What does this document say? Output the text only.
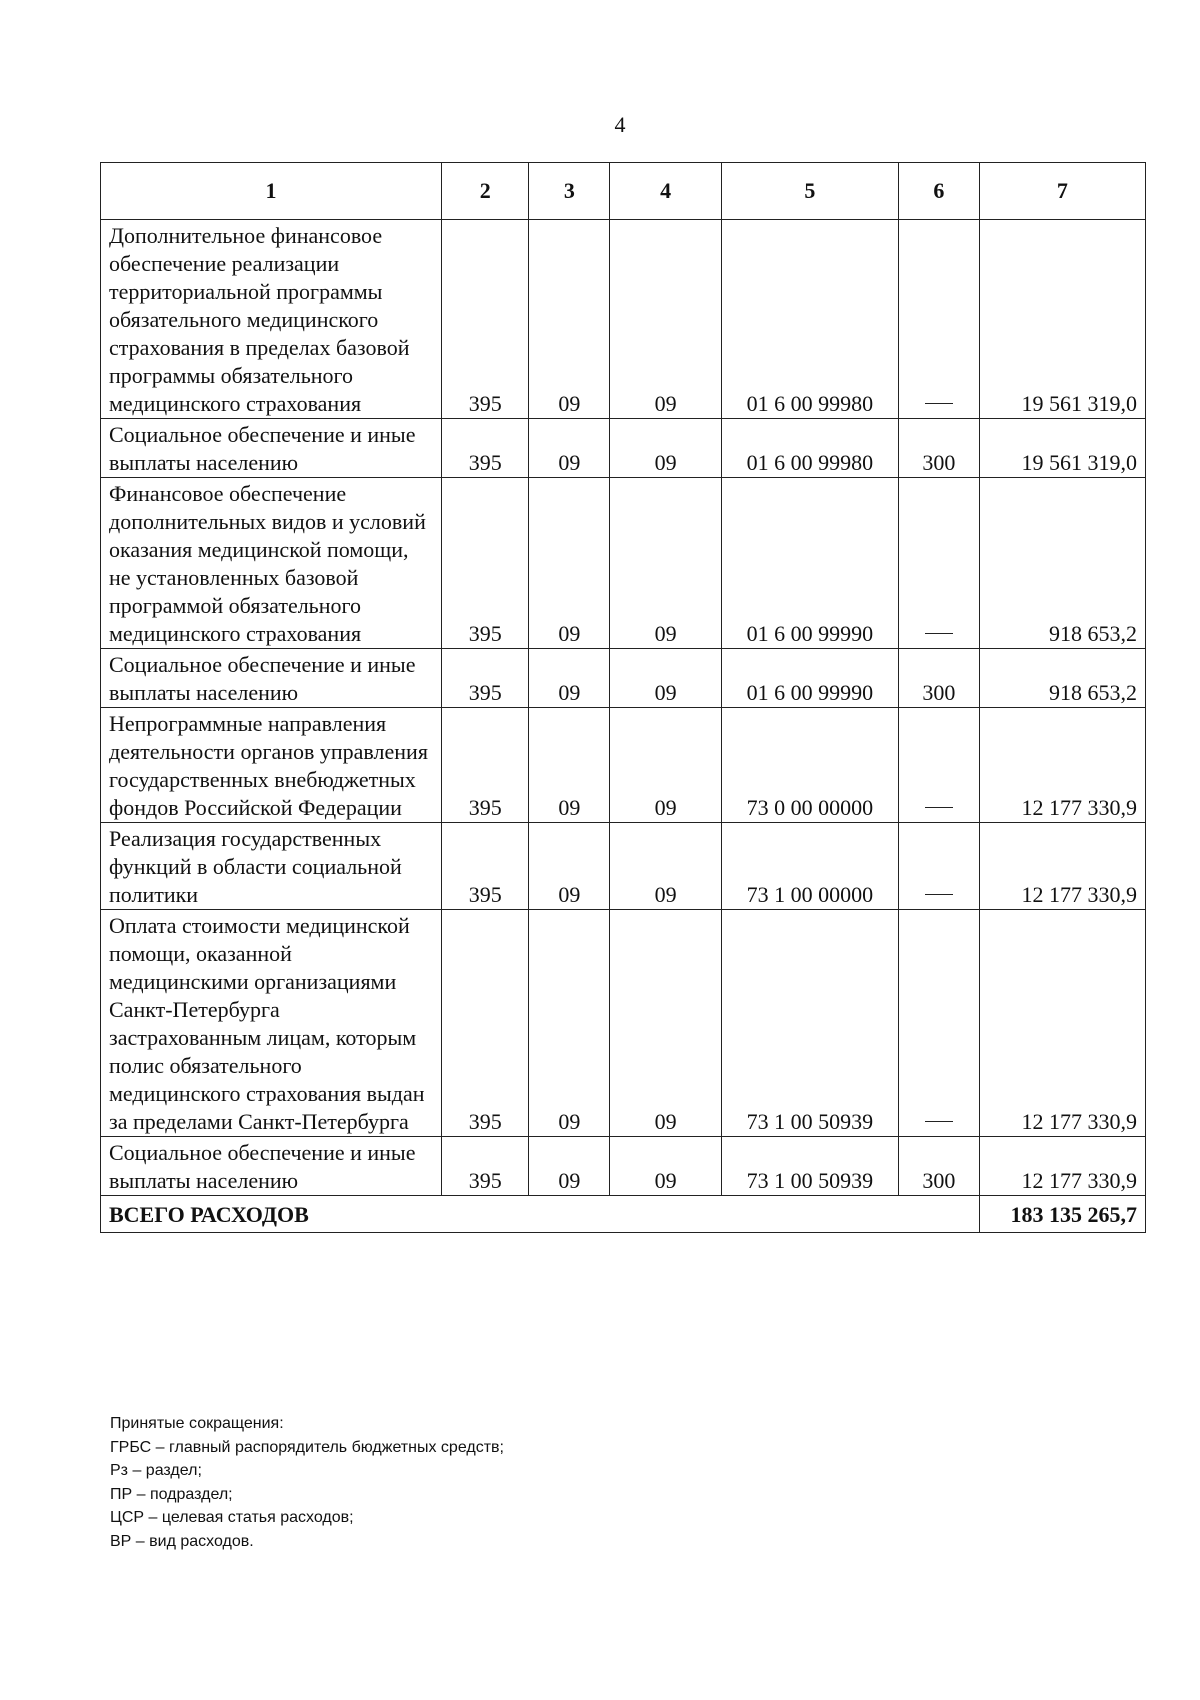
4
1	2	3	4	5	6	7
Дополнительное финансовое обеспечение реализации территориальной программы обязательного медицинского страхования в пределах базовой программы обязательного медицинского страхования	395	09	09	01 6 00 99980		19 561 319,0
Социальное обеспечение и иные выплаты населению	395	09	09	01 6 00 99980	300	19 561 319,0
Финансовое обеспечение дополнительных видов и условий оказания медицинской помощи, не установленных базовой программой обязательного медицинского страхования	395	09	09	01 6 00 99990		918 653,2
Социальное обеспечение и иные выплаты населению	395	09	09	01 6 00 99990	300	918 653,2
Непрограммные направления деятельности органов управления государственных внебюджетных фондов Российской Федерации	395	09	09	73 0 00 00000		12 177 330,9
Реализация государственных функций в области социальной политики	395	09	09	73 1 00 00000		12 177 330,9
Оплата стоимости медицинской помощи, оказанной медицинскими организациями Санкт-Петербурга застрахованным лицам, которым полис обязательного медицинского страхования выдан за пределами Санкт-Петербурга	395	09	09	73 1 00 50939		12 177 330,9
Социальное обеспечение и иные выплаты населению	395	09	09	73 1 00 50939	300	12 177 330,9
ВСЕГО РАСХОДОВ						183 135 265,7
Принятые сокращения:
ГРБС – главный распорядитель бюджетных средств;
Рз – раздел;
ПР – подраздел;
ЦСР – целевая статья расходов;
ВР – вид расходов.
